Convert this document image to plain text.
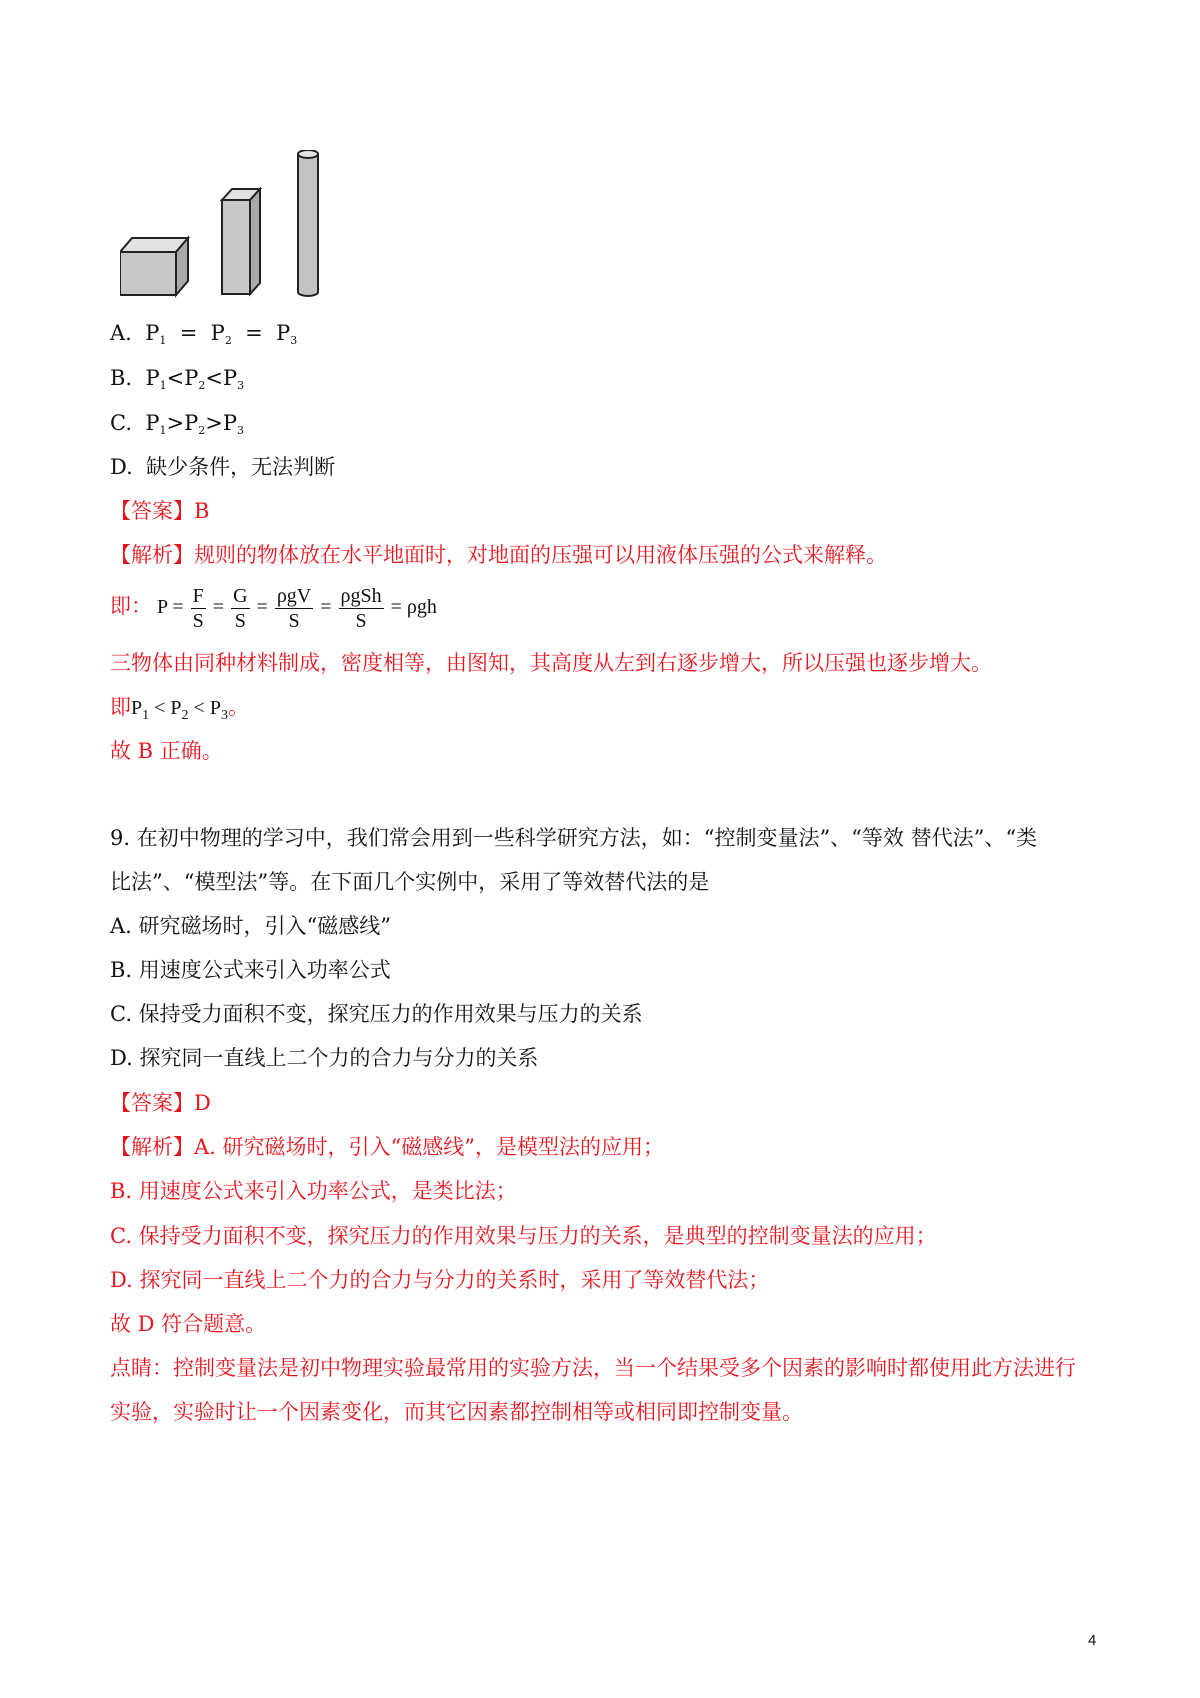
A. $P_1 = P_2 = P_3$
B. $P_1<P_2<P_3$
C. $P_1>P_2>P_3$
D. 缺少条件，无法判断
【答案】B
【解析】规则的物体放在水平地面时，对地面的压强可以用液体压强的公式来解释。
即： $P = \frac{F}{S} = \frac{G}{S} = \frac{\text{ρgV}}{S} = \frac{\text{ρgSh}}{S} = \rho gh$
三物体由同种材料制成，密度相等，由图知，其高度从左到右逐步增大，所以压强也逐步增大。
即$P_1 < P_2 < P_3$。
故 B 正确。
9. 在初中物理的学习中，我们常会用到一些科学研究方法，如：“控制变量法”、“等效 替代法”、“类
比法”、“模型法”等。在下面几个实例中，采用了等效替代法的是
A. 研究磁场时，引入“磁感线”
B. 用速度公式来引入功率公式
C. 保持受力面积不变，探究压力的作用效果与压力的关系
D. 探究同一直线上二个力的合力与分力的关系
【答案】D
【解析】A. 研究磁场时，引入“磁感线”，是模型法的应用；
B. 用速度公式来引入功率公式，是类比法；
C. 保持受力面积不变，探究压力的作用效果与压力的关系，是典型的控制变量法的应用；
D. 探究同一直线上二个力的合力与分力的关系时，采用了等效替代法；
故 D 符合题意。
点睛：控制变量法是初中物理实验最常用的实验方法，当一个结果受多个因素的影响时都使用此方法进行
实验，实验时让一个因素变化，而其它因素都控制相等或相同即控制变量。
4
